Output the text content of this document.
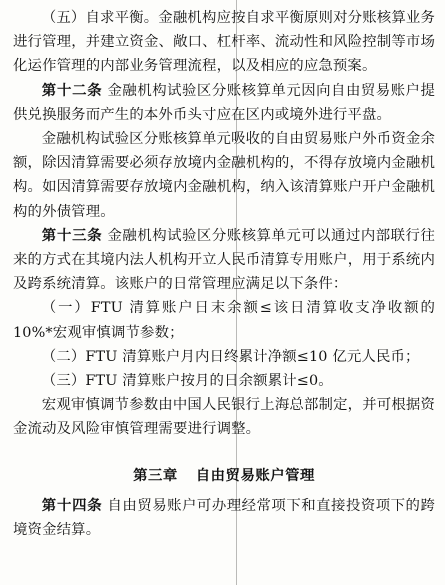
（五）自求平衡。金融机构应按自求平衡原则对分账核算业务进行管理，并建立资金、敞口、杠杆率、流动性和风险控制等市场化运作管理的内部业务管理流程，以及相应的应急预案。

第十二条 金融机构试验区分账核算单元因向自由贸易账户提供兑换服务而产生的本外币头寸应在区内或境外进行平盘。

金融机构试验区分账核算单元吸收的自由贸易账户外币资金余额，除因清算需要必须存放境内金融机构的，不得存放境内金融机构。如因清算需要存放境内金融机构，纳入该清算账户开户金融机构的外债管理。

第十三条 金融机构试验区分账核算单元可以通过内部联行往来的方式在其境内法人机构开立人民币清算专用账户，用于系统内及跨系统清算。该账户的日常管理应满足以下条件：

（一）FTU 清算账户日末余额≤该日清算收支净收额的 10%*宏观审慎调节参数；

（二）FTU 清算账户月内日终累计净额≤10 亿元人民币；

（三）FTU 清算账户按月的日余额累计≤0。

宏观审慎调节参数由中国人民银行上海总部制定，并可根据资金流动及风险审慎管理需要进行调整。

第三章 自由贸易账户管理

第十四条 自由贸易账户可办理经常项下和直接投资项下的跨境资金结算。
